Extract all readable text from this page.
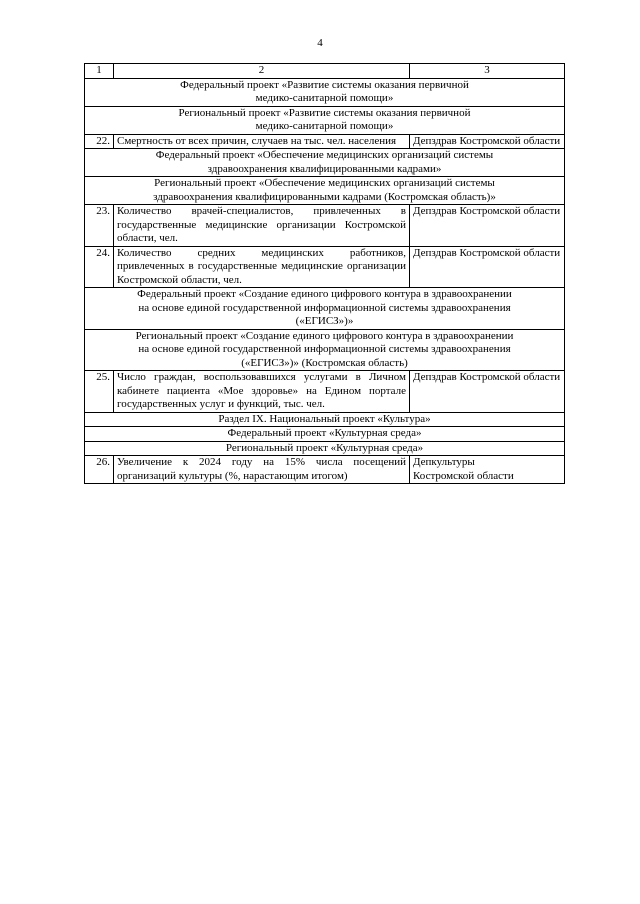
4
1	2	3

Федеральный проект «Развитие системы оказания первичной
медико-санитарной помощи»		

Региональный проект «Развитие системы оказания первичной
медико-санитарной помощи»		

22.	Смертность от всех причин, случаев на тыс. чел. населения	Депздрав Костромской области

Федеральный проект «Обеспечение медицинских организаций системы
здравоохранения квалифицированными кадрами»		

Региональный проект «Обеспечение медицинских организаций системы
здравоохранения квалифицированными кадрами (Костромская область)»		

23.	Количество врачей-специалистов, привлеченных в государственные медицинские организации Костромской области, чел.	Депздрав Костромской области
24.	Количество средних медицинских работников, привлеченных в государственные медицинские организации Костромской области, чел.	Депздрав Костромской области

Федеральный проект «Создание единого цифрового контура в здравоохранении
на основе единой государственной информационной системы здравоохранения
(«ЕГИСЗ»)»		

Региональный проект «Создание единого цифрового контура в здравоохранении
на основе единой государственной информационной системы здравоохранения
(«ЕГИСЗ»)» (Костромская область)		

25.	Число граждан, воспользовавшихся услугами в Личном кабинете пациента «Мое здоровье» на Едином портале государственных услуг и функций, тыс. чел.	Депздрав Костромской области

Раздел IX. Национальный проект «Культура»		

Федеральный проект «Культурная среда»		

Региональный проект «Культурная среда»		

26.	Увеличение к 2024 году на 15% числа посещений организаций культуры (%, нарастающим итогом)	Депкультуры
Костромской области
